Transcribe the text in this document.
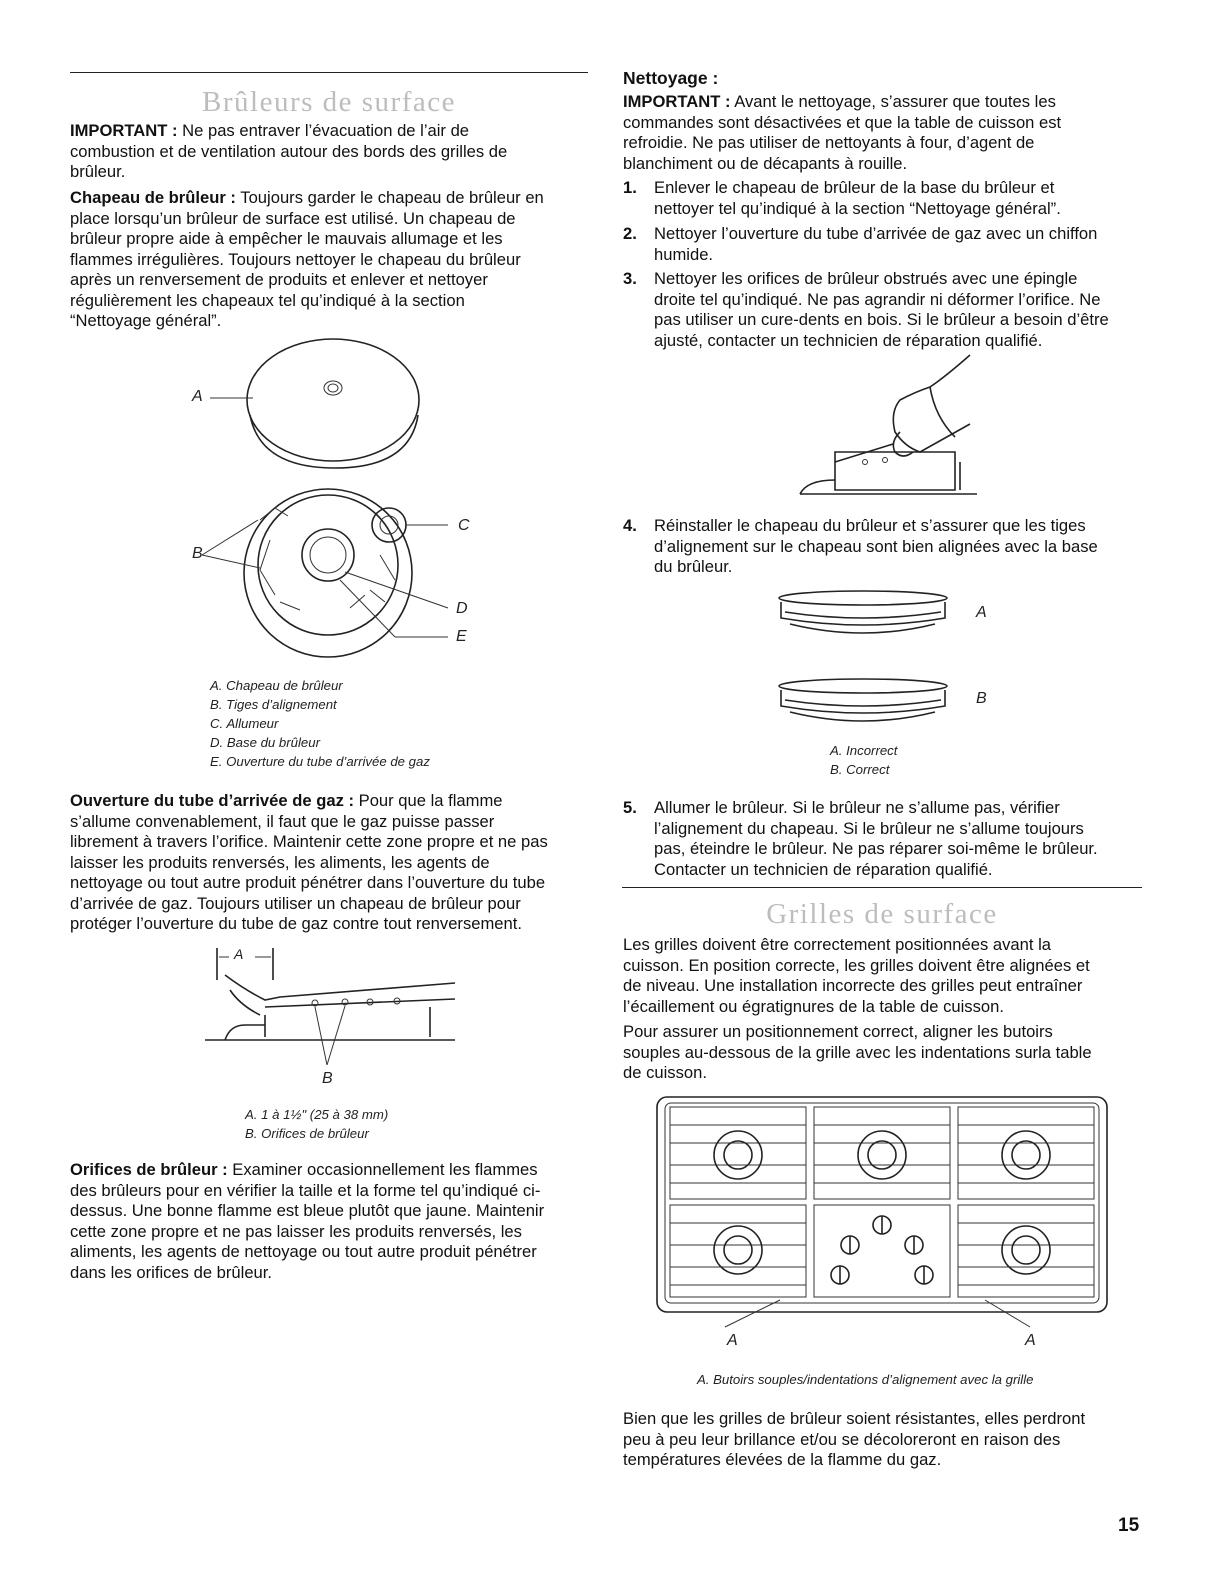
Brûleurs de surface

IMPORTANT : Ne pas entraver l’évacuation de l’air de
combustion et de ventilation autour des bords des grilles de
brûleur.

Chapeau de brûleur : Toujours garder le chapeau de brûleur en
place lorsqu’un brûleur de surface est utilisé. Un chapeau de
brûleur propre aide à empêcher le mauvais allumage et les
flammes irrégulières. Toujours nettoyer le chapeau du brûleur
après un renversement de produits et enlever et nettoyer
régulièrement les chapeaux tel qu’indiqué à la section
“Nettoyage général”.

A
B
C
D
E
A. Chapeau de brûleur
B. Tiges d’alignement
C. Allumeur
D. Base du brûleur
E. Ouverture du tube d’arrivée de gaz

Ouverture du tube d’arrivée de gaz : Pour que la flamme
s’allume convenablement, il faut que le gaz puisse passer
librement à travers l’orifice. Maintenir cette zone propre et ne pas
laisser les produits renversés, les aliments, les agents de
nettoyage ou tout autre produit pénétrer dans l’ouverture du tube
d’arrivée de gaz. Toujours utiliser un chapeau de brûleur pour
protéger l’ouverture du tube de gaz contre tout renversement.

A
B
A. 1 à 1½" (25 à 38 mm)
B. Orifices de brûleur

Orifices de brûleur : Examiner occasionnellement les flammes
des brûleurs pour en vérifier la taille et la forme tel qu’indiqué ci-
dessus. Une bonne flamme est bleue plutôt que jaune. Maintenir
cette zone propre et ne pas laisser les produits renversés, les
aliments, les agents de nettoyage ou tout autre produit pénétrer
dans les orifices de brûleur.

Nettoyage :

IMPORTANT : Avant le nettoyage, s’assurer que toutes les
commandes sont désactivées et que la table de cuisson est
refroidie. Ne pas utiliser de nettoyants à four, d’agent de
blanchiment ou de décapants à rouille.

1. Enlever le chapeau de brûleur de la base du brûleur et
nettoyer tel qu’indiqué à la section “Nettoyage général”.
2. Nettoyer l’ouverture du tube d’arrivée de gaz avec un chiffon
humide.
3. Nettoyer les orifices de brûleur obstrués avec une épingle
droite tel qu’indiqué. Ne pas agrandir ni déformer l’orifice. Ne
pas utiliser un cure-dents en bois. Si le brûleur a besoin d’être
ajusté, contacter un technicien de réparation qualifié.
4. Réinstaller le chapeau du brûleur et s’assurer que les tiges
d’alignement sur le chapeau sont bien alignées avec la base
du brûleur.
A
B
A. Incorrect
B. Correct
5. Allumer le brûleur. Si le brûleur ne s’allume pas, vérifier
l’alignement du chapeau. Si le brûleur ne s’allume toujours
pas, éteindre le brûleur. Ne pas réparer soi-même le brûleur.
Contacter un technicien de réparation qualifié.
Grilles de surface

Les grilles doivent être correctement positionnées avant la
cuisson. En position correcte, les grilles doivent être alignées et
de niveau. Une installation incorrecte des grilles peut entraîner
l’écaillement ou égratignures de la table de cuisson.

Pour assurer un positionnement correct, aligner les butoirs
souples au-dessous de la grille avec les indentations surla table
de cuisson.

A	A
A. Butoirs souples/indentations d’alignement avec la grille

Bien que les grilles de brûleur soient résistantes, elles perdront
peu à peu leur brillance et/ou se décoloreront en raison des
températures élevées de la flamme du gaz.

15
